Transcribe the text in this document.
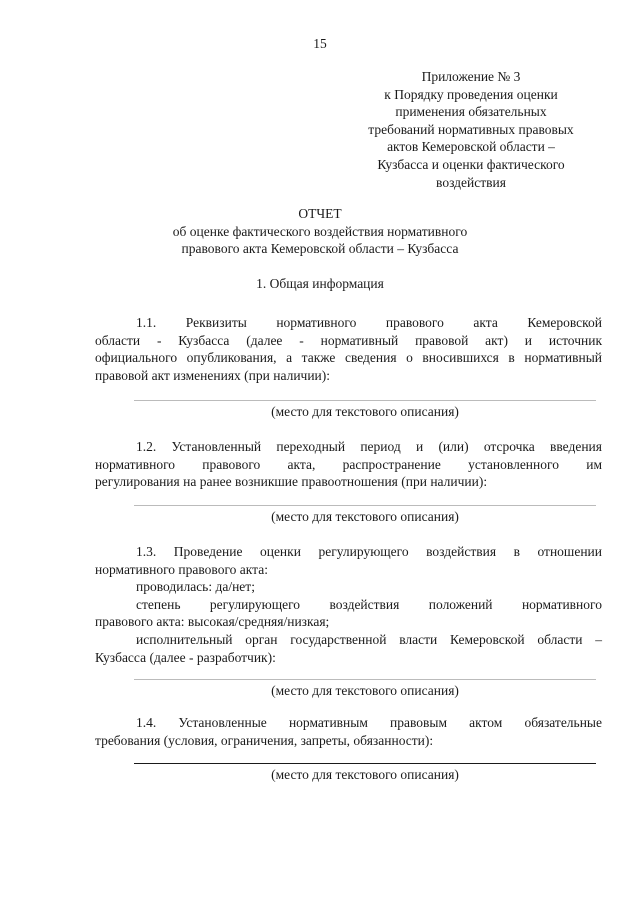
15
Приложение № 3
к Порядку проведения оценки
применения обязательных
требований нормативных правовых
актов Кемеровской области –
Кузбасса и оценки фактического
воздействия
ОТЧЕТ
об оценке фактического воздействия нормативного
правового акта Кемеровской области – Кузбасса
1. Общая информация
1.1. Реквизиты нормативного правового акта Кемеровской
области - Кузбасса (далее - нормативный правовой акт) и источник
официального опубликования, а также сведения о вносившихся в нормативный
правовой акт изменениях (при наличии):
(место для текстового описания)
1.2. Установленный переходный период и (или) отсрочка введения
нормативного правового акта, распространение установленного им
регулирования на ранее возникшие правоотношения (при наличии):
(место для текстового описания)
1.3. Проведение оценки регулирующего воздействия в отношении
нормативного правового акта:
проводилась: да/нет;
степень регулирующего воздействия положений нормативного
правового акта: высокая/средняя/низкая;
исполнительный орган государственной власти Кемеровской области –
Кузбасса (далее - разработчик):
(место для текстового описания)
1.4. Установленные нормативным правовым актом обязательные
требования (условия, ограничения, запреты, обязанности):
(место для текстового описания)
